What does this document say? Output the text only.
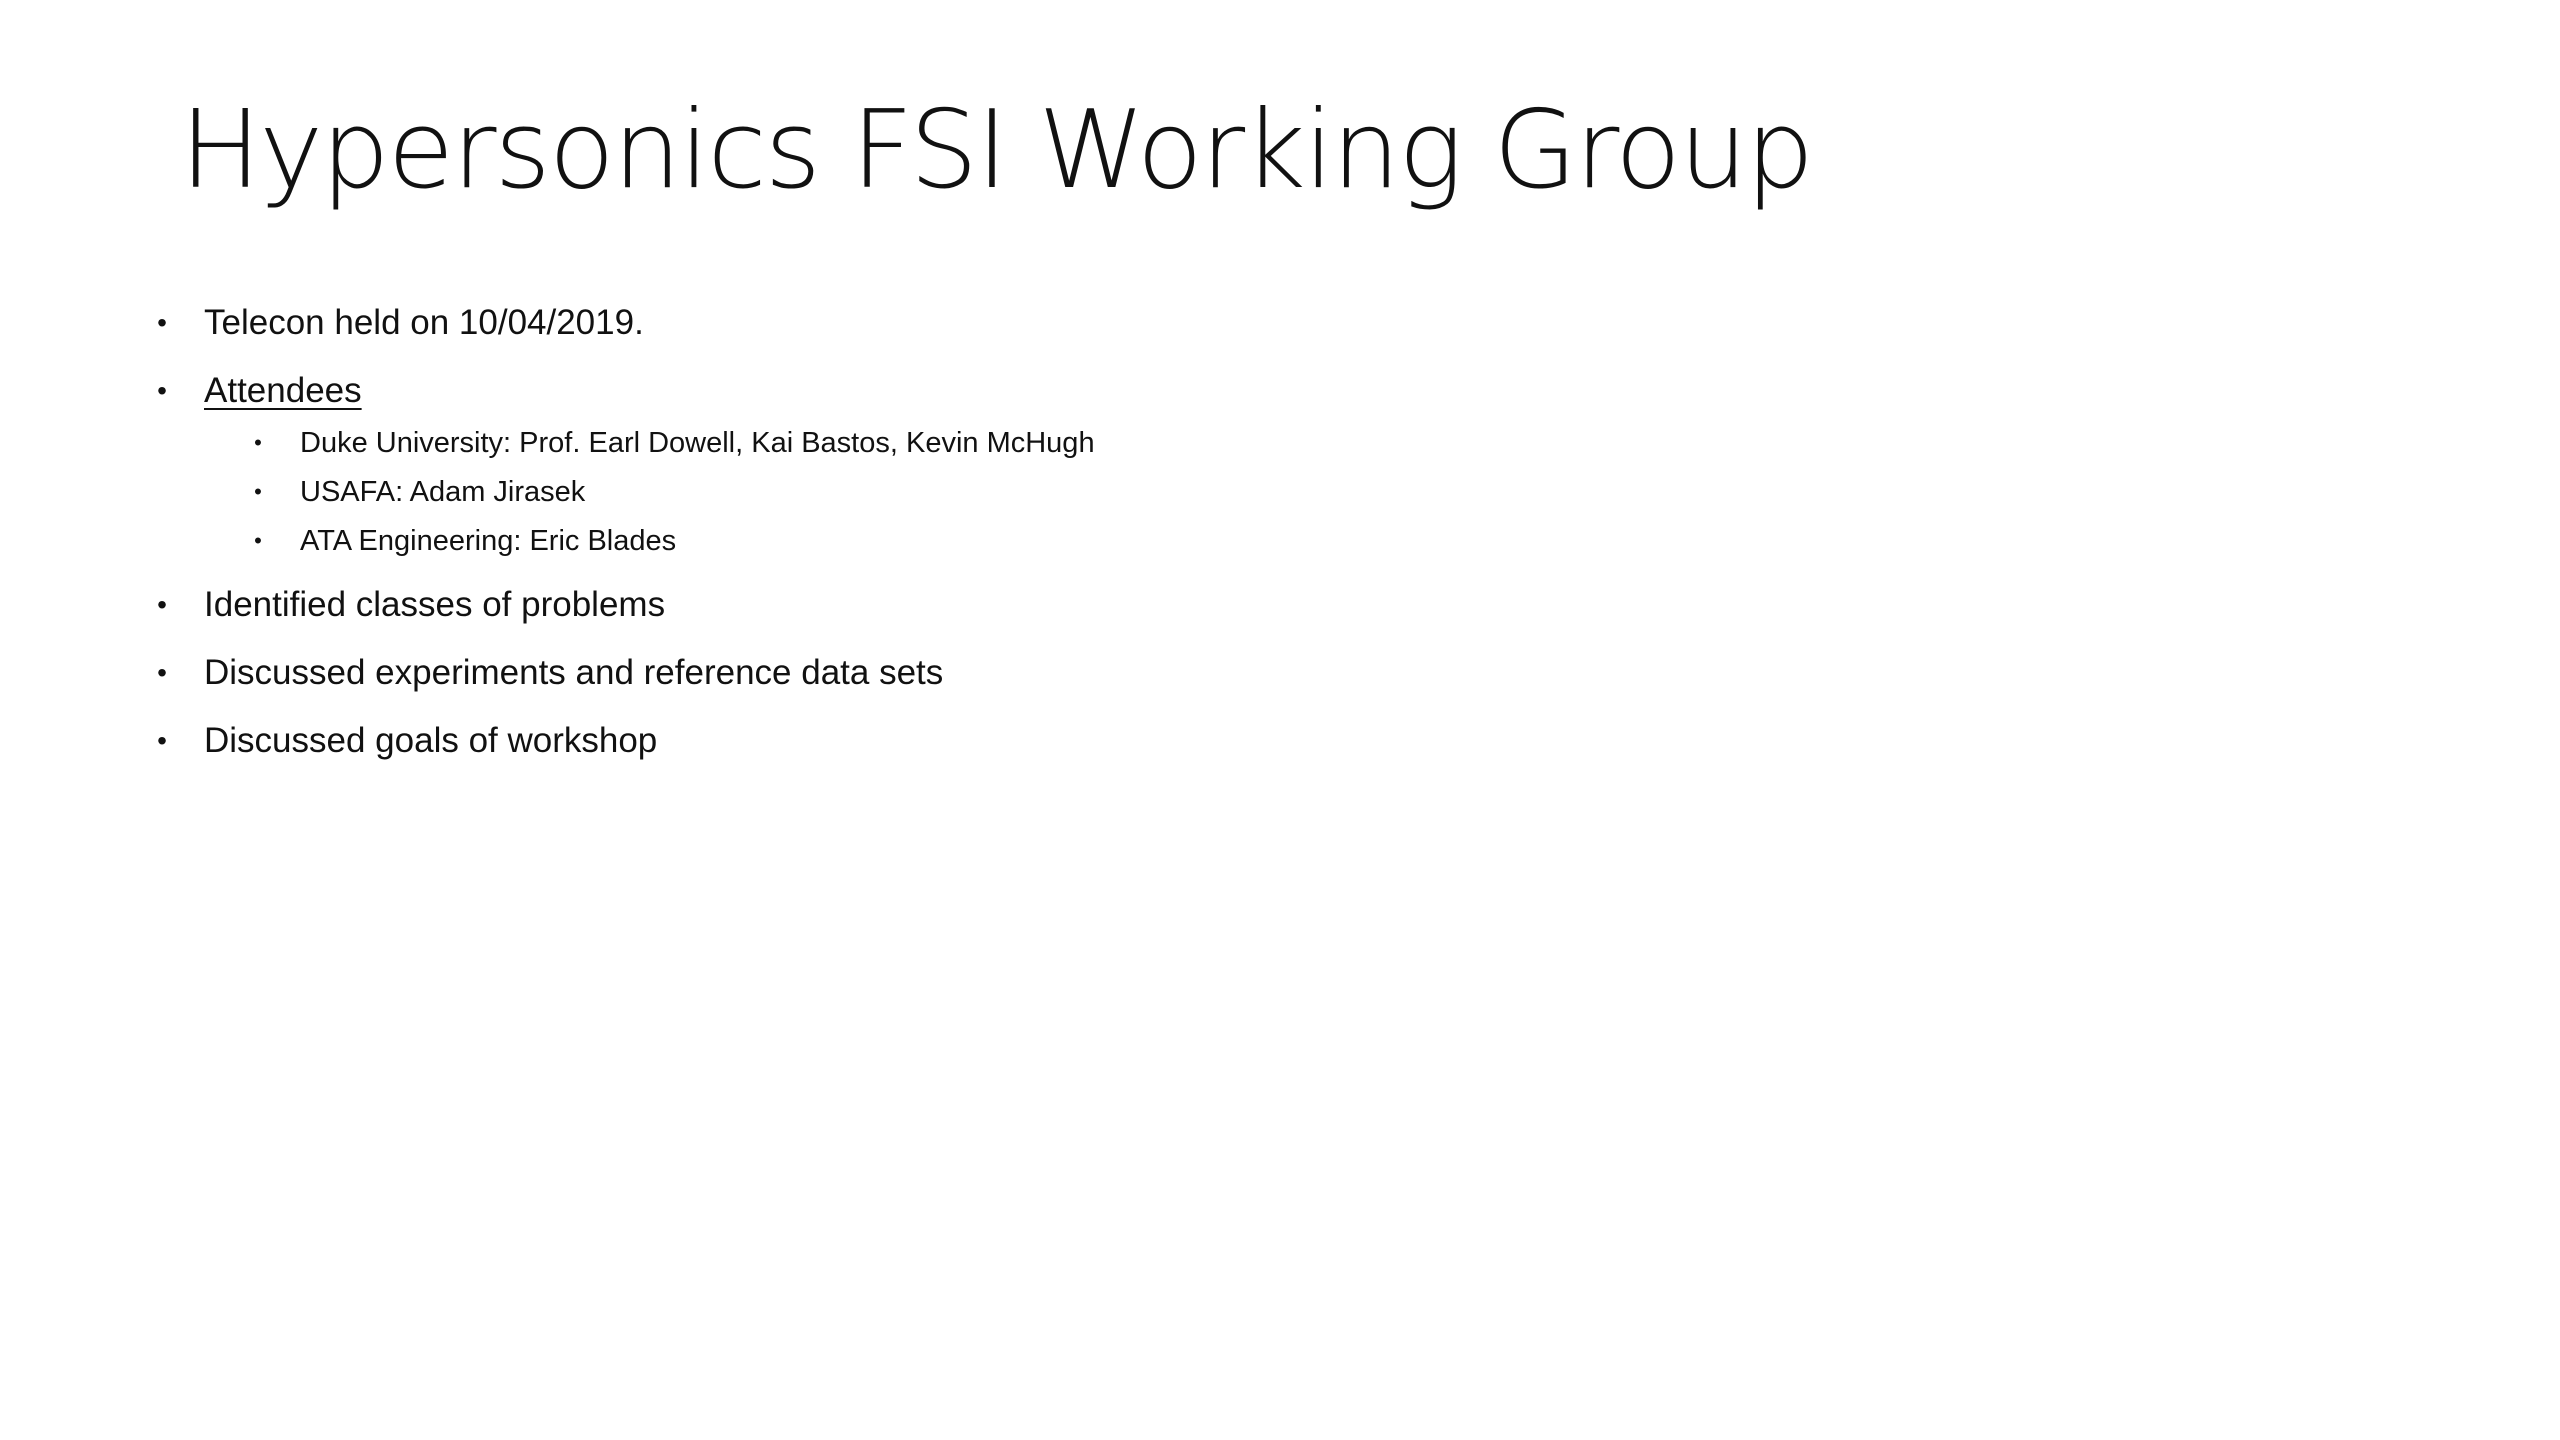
Hypersonics FSI Working Group
•	Telecon held on 10/04/2019.
•	Attendees
•	Duke University: Prof. Earl Dowell, Kai Bastos, Kevin McHugh
•	USAFA: Adam Jirasek
•	ATA Engineering: Eric Blades
•	Identified classes of problems
•	Discussed experiments and reference data sets
•	Discussed goals of workshop
